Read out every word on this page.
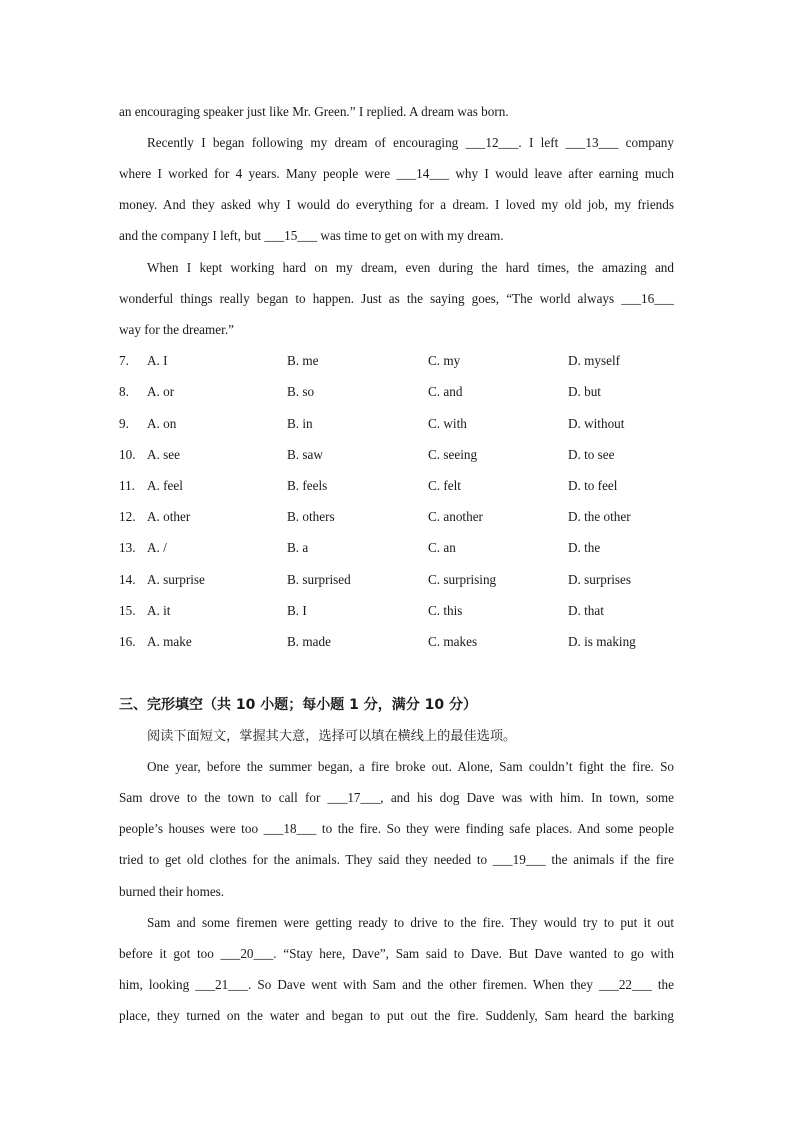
an encouraging speaker just like Mr. Green.” I replied. A dream was born.
Recently I began following my dream of encouraging ___12___. I left ___13___ company
where I worked for 4 years. Many people were ___14___ why I would leave after earning much
money. And they asked why I would do everything for a dream. I loved my old job, my friends
and the company I left, but ___15___ was time to get on with my dream.
When I kept working hard on my dream, even during the hard times, the amazing and
wonderful things really began to happen. Just as the saying goes, “The world always ___16___
way for the dreamer.”
7. A. I	B. me	C. my	D. myself
8. A. or	B. so	C. and	D. but
9. A. on	B. in	C. with	D. without
10. A. see	B. saw	C. seeing	D. to see
11. A. feel	B. feels	C. felt	D. to feel
12. A. other	B. others	C. another	D. the other
13. A. /	B. a	C. an	D. the
14. A. surprise	B. surprised	C. surprising	D. surprises
15. A. it	B. I	C. this	D. that
16. A. make	B. made	C. makes	D. is making
三、完形填空（共 10 小题；每小题 1 分，满分 10 分）
阅读下面短文，掌握其大意，选择可以填在横线上的最佳选项。
One year, before the summer began, a fire broke out. Alone, Sam couldn’t fight the fire. So
Sam drove to the town to call for ___17___, and his dog Dave was with him. In town, some
people’s houses were too ___18___ to the fire. So they were finding safe places. And some people
tried to get old clothes for the animals. They said they needed to ___19___ the animals if the fire
burned their homes.
Sam and some firemen were getting ready to drive to the fire. They would try to put it out
before it got too ___20___. “Stay here, Dave”, Sam said to Dave. But Dave wanted to go with
him, looking ___21___. So Dave went with Sam and the other firemen. When they ___22___ the
place, they turned on the water and began to put out the fire. Suddenly, Sam heard the barking
